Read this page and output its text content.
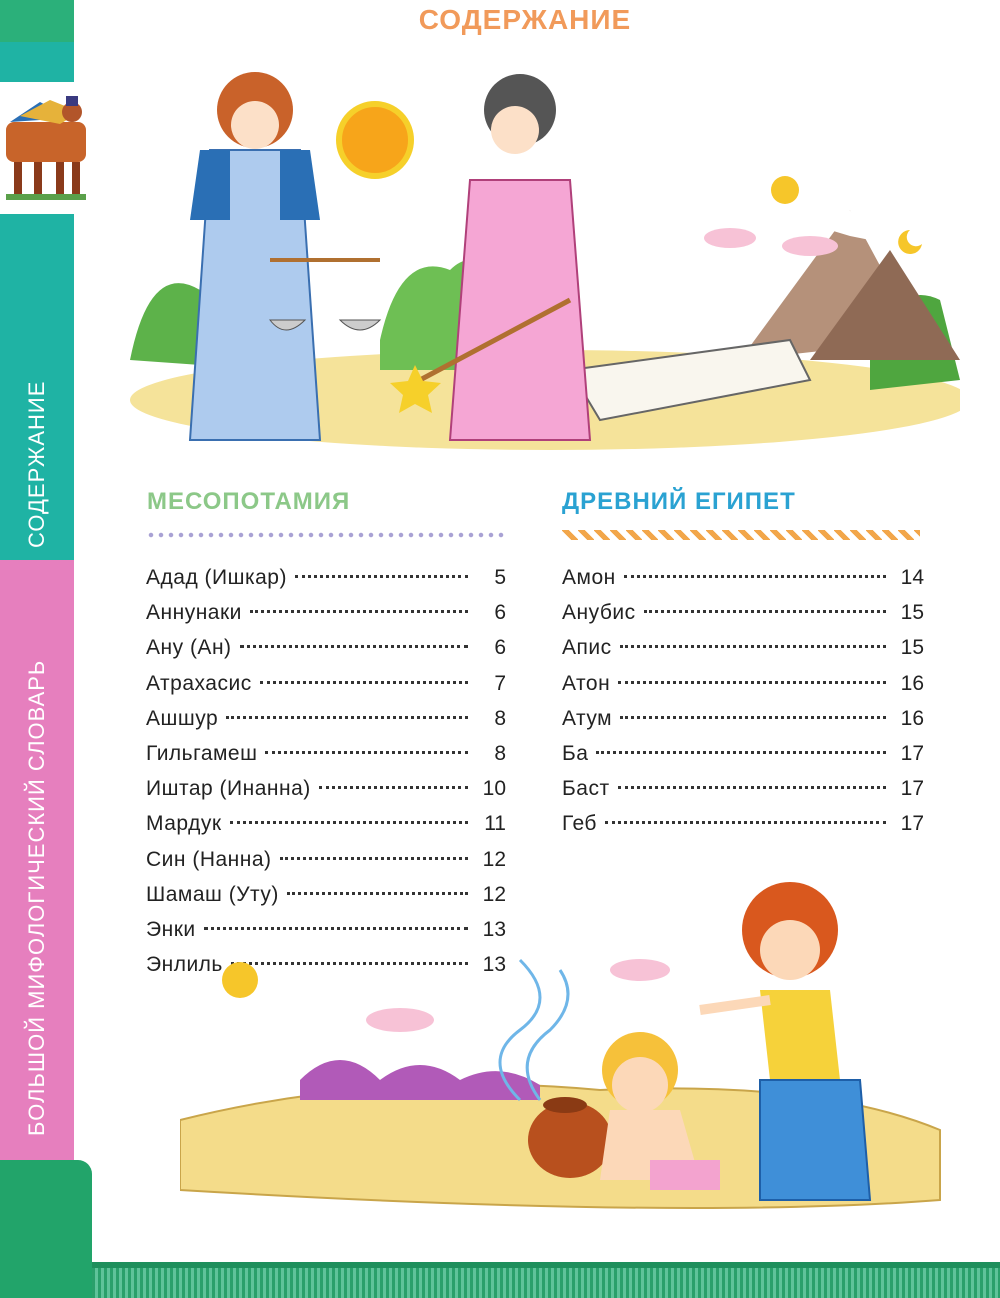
СОДЕРЖАНИЕ
БОЛЬШОЙ МИФОЛОГИЧЕСКИЙ СЛОВАРЬ
СОДЕРЖАНИЕ
МЕСОПОТАМИЯ
Адад (Ишкар)	5
Аннунаки	6
Ану (Ан)	6
Атрахасис	7
Ашшур	8
Гильгамеш	8
Иштар (Инанна)	10
Мардук	11
Син (Нанна)	12
Шамаш (Уту)	12
Энки	13
Энлиль	13
ДРЕВНИЙ ЕГИПЕТ
Амон	14
Анубис	15
Апис	15
Атон	16
Атум	16
Ба	17
Баст	17
Геб	17
